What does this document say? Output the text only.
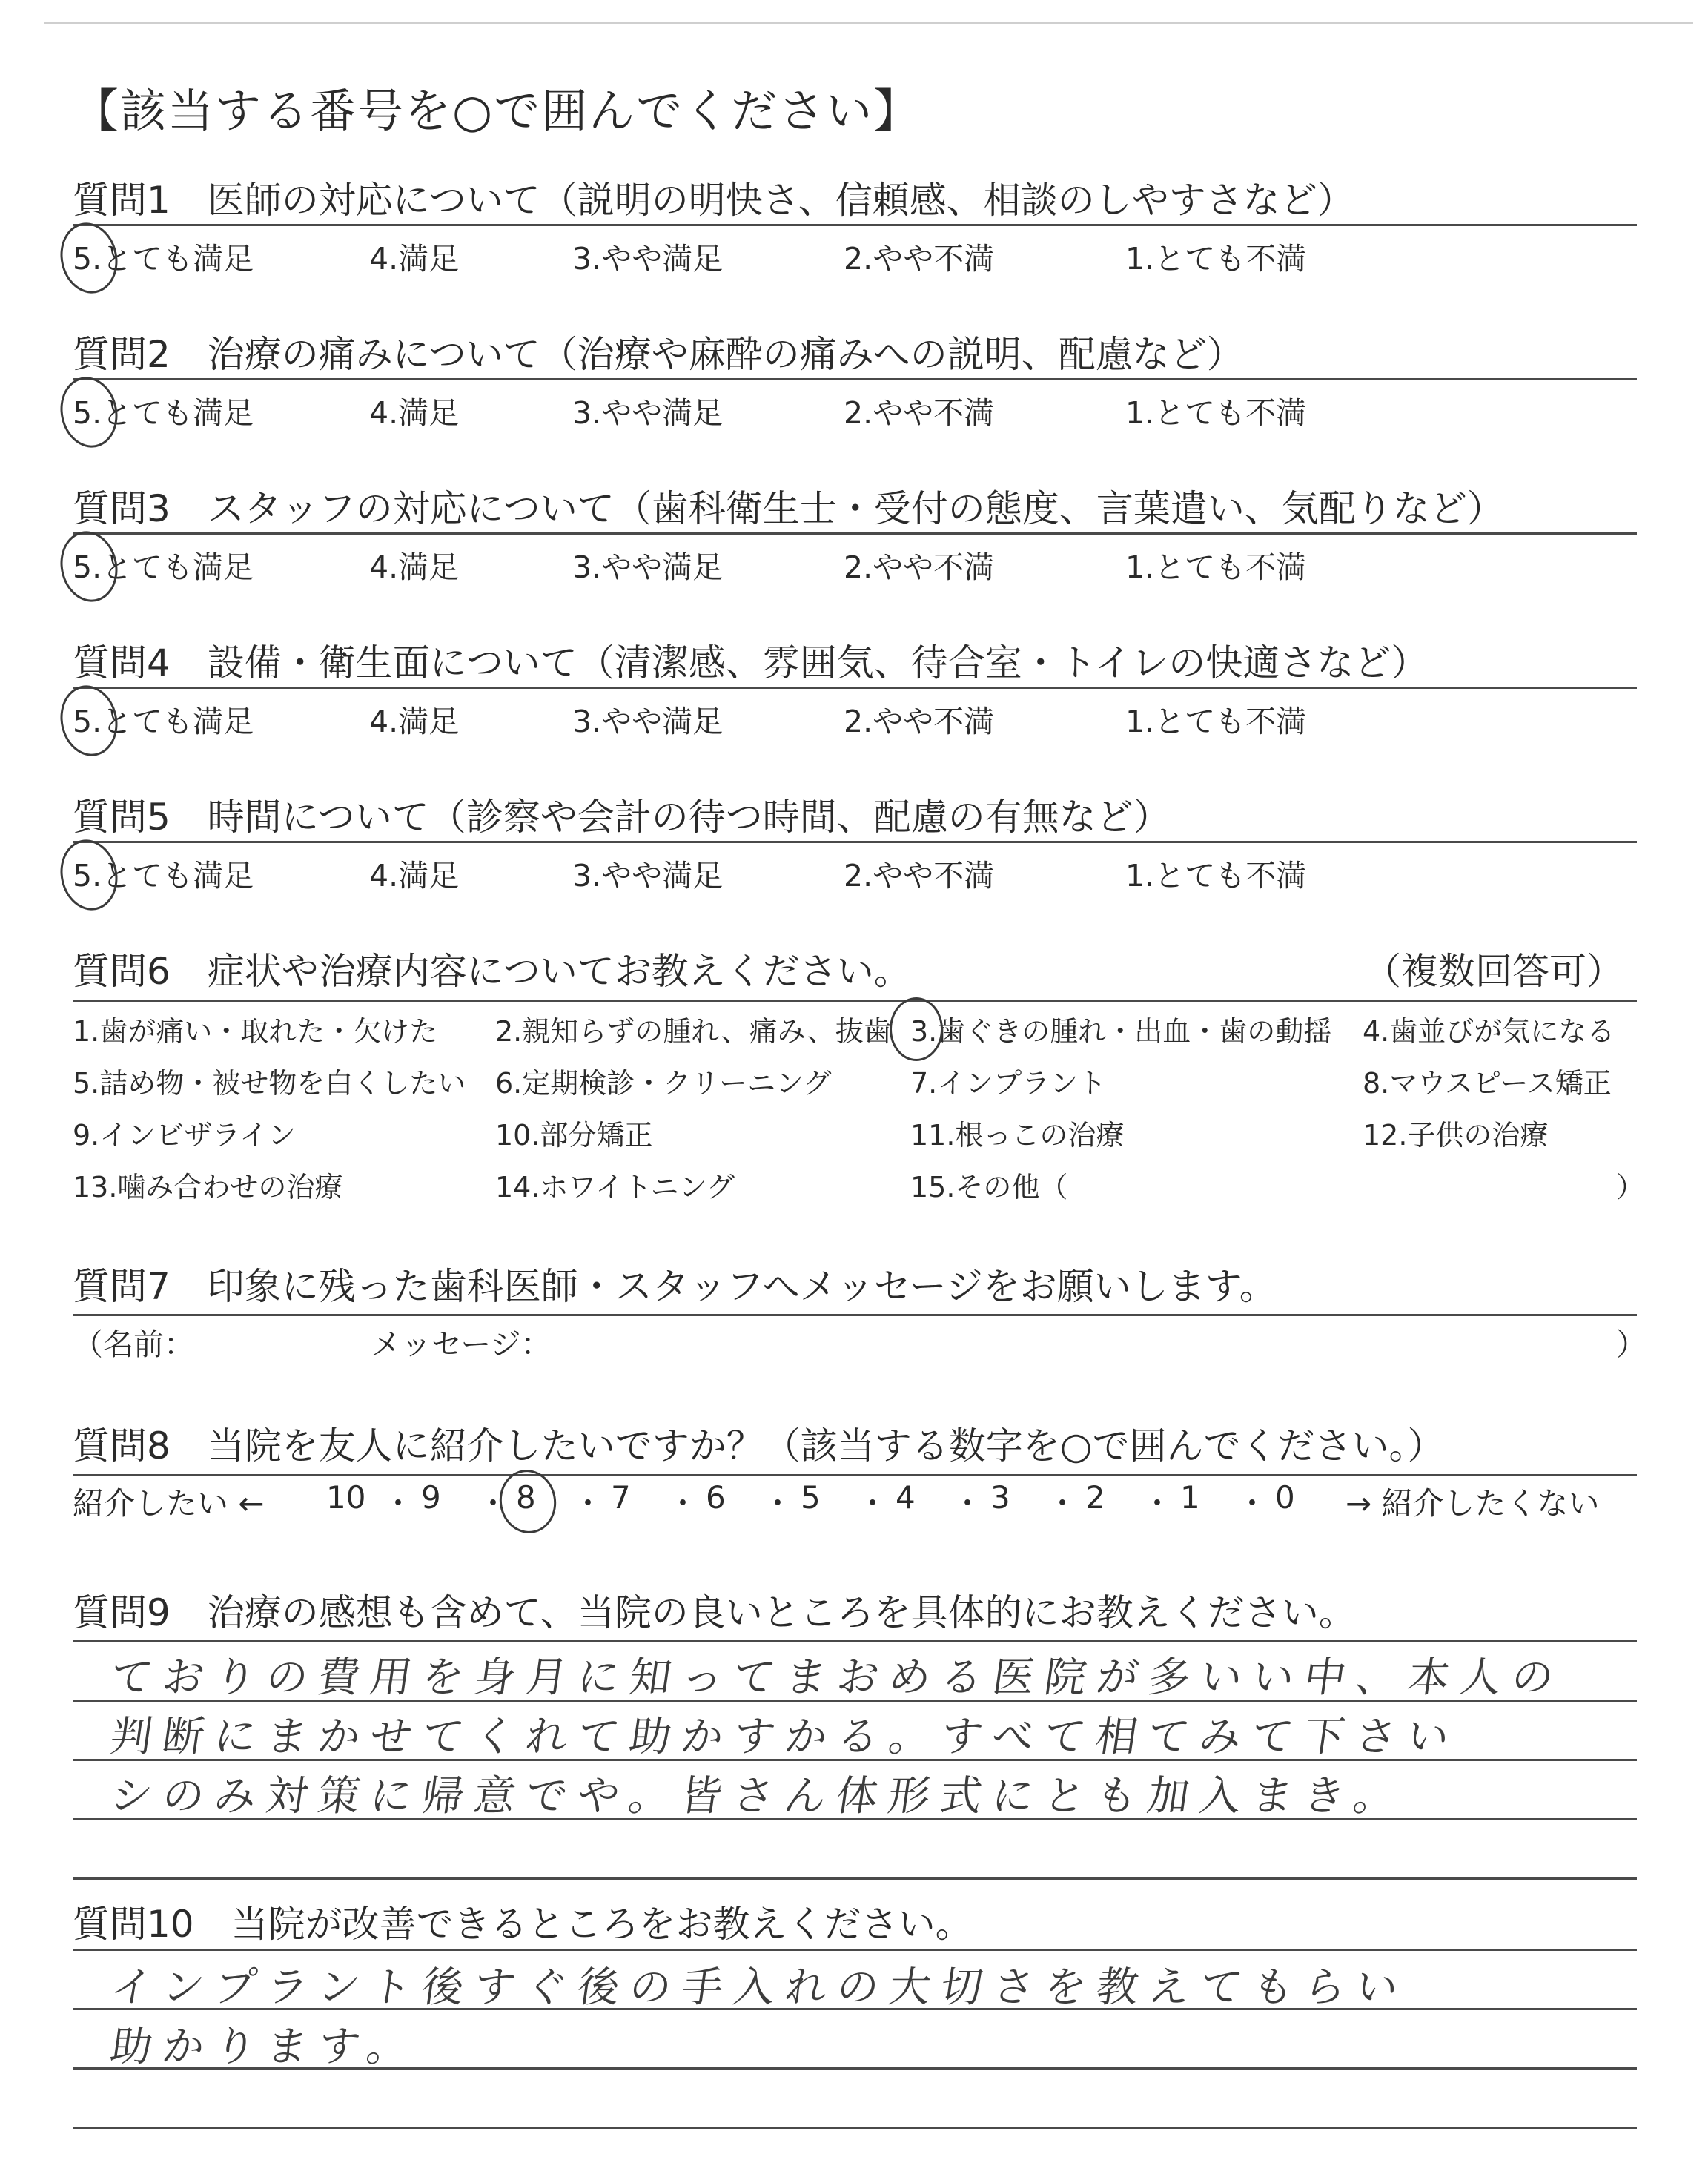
【該当する番号を○で囲んでください】
質問1　医師の対応について（説明の明快さ、信頼感、相談のしやすさなど）
5.とても満足	4.満足	3.やや満足	2.やや不満	1.とても不満
質問2　治療の痛みについて（治療や麻酔の痛みへの説明、配慮など）
5.とても満足	4.満足	3.やや満足	2.やや不満	1.とても不満
質問3　スタッフの対応について（歯科衛生士・受付の態度、言葉遣い、気配りなど）
5.とても満足	4.満足	3.やや満足	2.やや不満	1.とても不満
質問4　設備・衛生面について（清潔感、雰囲気、待合室・トイレの快適さなど）
5.とても満足	4.満足	3.やや満足	2.やや不満	1.とても不満
質問5　時間について（診察や会計の待つ時間、配慮の有無など）
5.とても満足	4.満足	3.やや満足	2.やや不満	1.とても不満
質問6　症状や治療内容についてお教えください。	（複数回答可）
1.歯が痛い・取れた・欠けた 2.親知らずの腫れ、痛み、抜歯 3.歯ぐきの腫れ・出血・歯の動揺 4.歯並びが気になる
5.詰め物・被せ物を白くしたい 6.定期検診・クリーニング	7.インプラント	8.マウスピース矯正
9.インビザライン	10.部分矯正	11.根っこの治療	12.子供の治療
13.噛み合わせの治療	14.ホワイトニング	15.その他（	）
質問7　印象に残った歯科医師・スタッフへメッセージをお願いします。
（名前：	メッセージ：	）
質問8　当院を友人に紹介したいですか？（該当する数字を○で囲んでください。）
紹介したい ←	→ 紹介したくない
10 ・ 9 ・ 8 ・ 7 ・ 6 ・ 5 ・ 4 ・ 3 ・ 2 ・ 1 ・ 0
質問9　治療の感想も含めて、当院の良いところを具体的にお教えください。
ておりの費用を身月に知ってまおめる医院が多いい中、本人の
判断にまかせてくれて助かすかる。すべて相てみて下さい
シのみ対策に帰意でや。皆さん体形式にとも加入まき。
質問10　当院が改善できるところをお教えください。
インプラント後すぐ後の手入れの大切さを教えてもらい
助かります。
